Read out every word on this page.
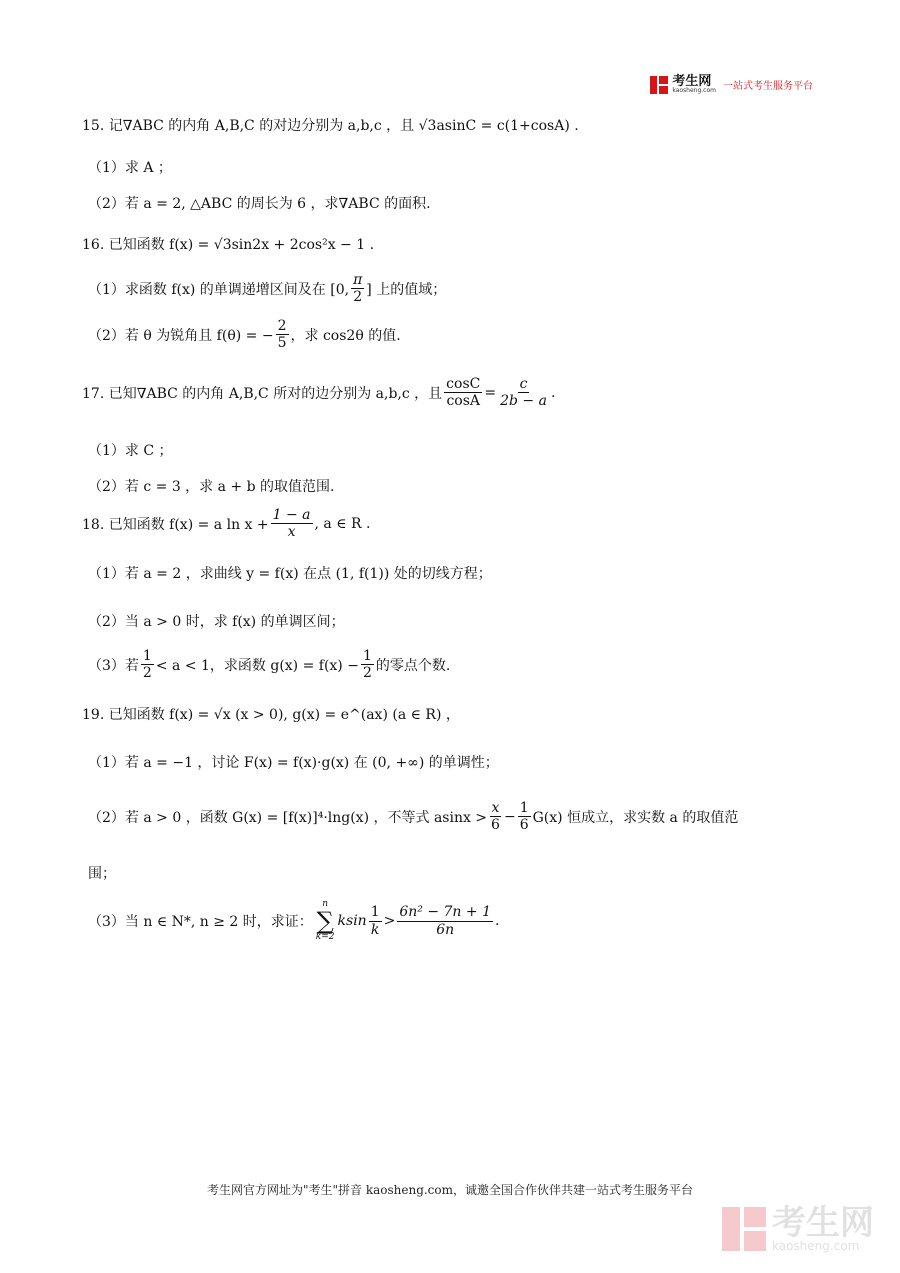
考生网
kaosheng.com 一站式考生服务平台
15. 记∇ABC 的内角 A,B,C 的对边分别为 a,b,c ，且 √3asinC = c(1+cosA) .
（1）求 A ；
（2）若 a = 2, △ABC 的周长为 6 ，求∇ABC 的面积.
16. 已知函数 f(x) = √3sin2x + 2cos²x − 1 .
（1）求函数 f(x) 的单调递增区间及在 [0, $\frac{\pi}{2}$ ] 上的值域；
（2）若 θ 为锐角且 f(θ) = − $\frac{2}{5}$ ，求 cos2θ 的值.
17. 已知∇ABC 的内角 A,B,C 所对的边分别为 a,b,c ，且 $\frac{\cos C}{\cos A} = \frac{c}{2b - a}$ .
（1）求 C ；
（2）若 c = 3 ，求 a + b 的取值范围.
18. 已知函数 f(x) = a $\ln x + \frac{1 - a}{x}$ , a ∈ R .
（1）若 a = 2 ，求曲线 y = f(x) 在点 (1, f(1)) 处的切线方程；
（2）当 a > 0 时，求 f(x) 的单调区间；
（3）若 $\frac{1}{2} < a < 1$，求函数 $g(x) = f(x) - \frac{1}{2}$ 的零点个数.
19. 已知函数 f(x) = √x (x > 0), g(x) = e^(ax) (a ∈ R) ，
（1）若 a = −1 ，讨论 F(x) = f(x)·g(x) 在 (0, +∞) 的单调性；
（2）若 a > 0 ，函数 G(x) = [f(x)]⁴·lng(x) ，不等式 $asinx > \frac{x}{6} - \frac{1}{6} G(x)$ 恒成立，求实数 a 的取值范
围；
（3）当 n ∈ N*, n ≥ 2 时，求证：
n
∑
k=2
ksin $\frac{1}{k} > \frac{\text{6n² − 7n + 1}}{6n}$ .
考生网官方网址为"考生"拼音 kaosheng.com，诚邀全国合作伙伴共建一站式考生服务平台
考生网
kaosheng.com
